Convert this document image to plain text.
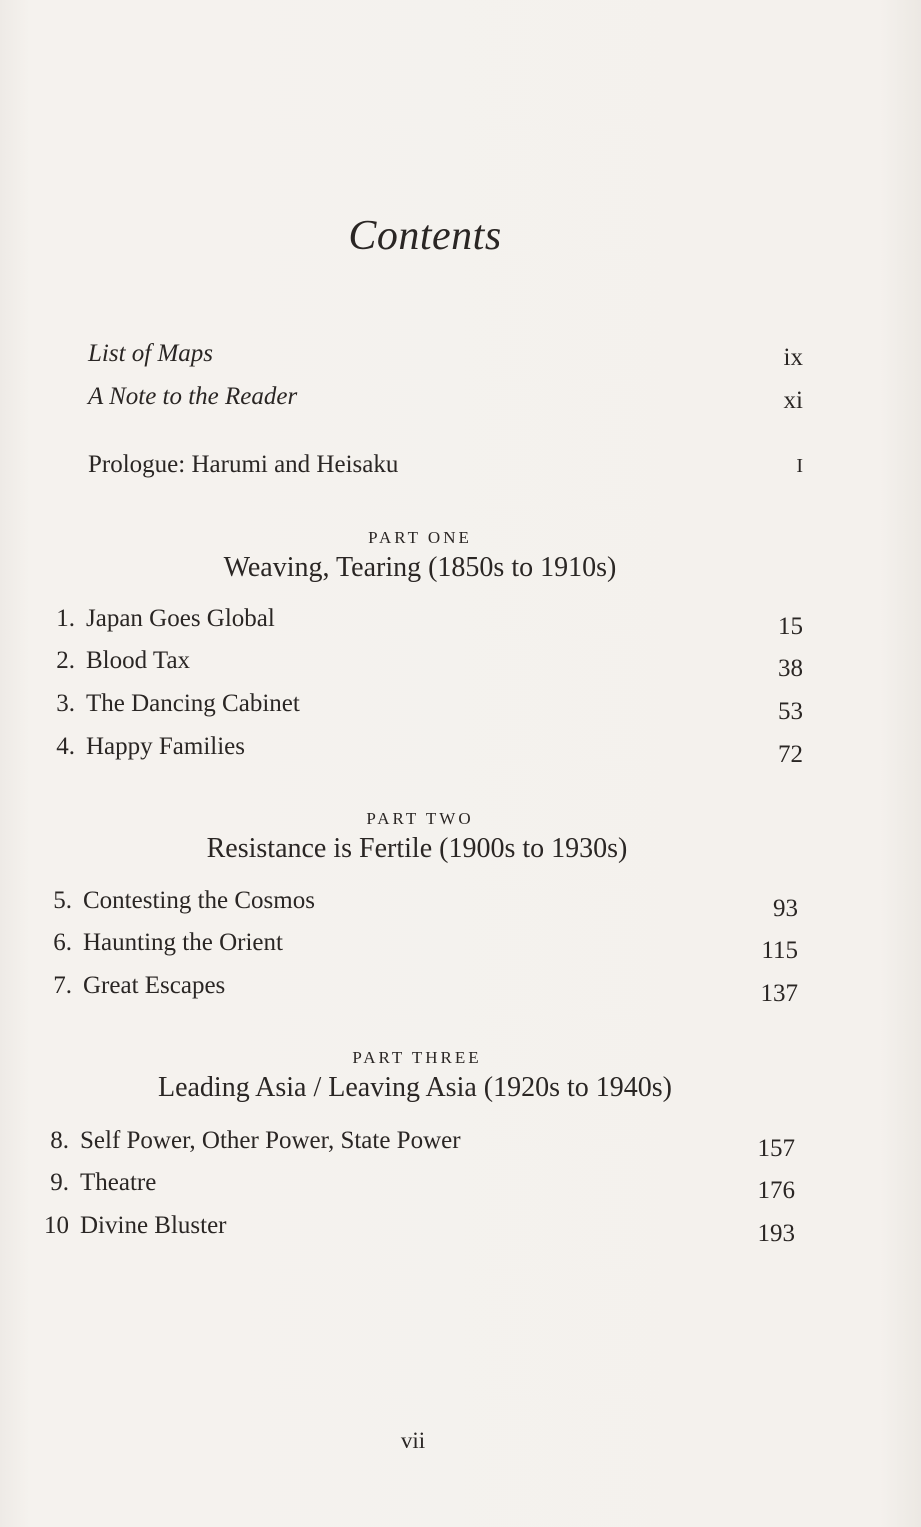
Contents
List of Maps	ix
A Note to the Reader	xi
Prologue: Harumi and Heisaku	I
PART ONE
Weaving, Tearing (1850s to 1910s)
1. Japan Goes Global	15
2. Blood Tax	38
3. The Dancing Cabinet	53
4. Happy Families	72
PART TWO
Resistance is Fertile (1900s to 1930s)
5. Contesting the Cosmos	93
6. Haunting the Orient	115
7. Great Escapes	137
PART THREE
Leading Asia / Leaving Asia (1920s to 1940s)
8. Self Power, Other Power, State Power	157
9. Theatre	176
10 Divine Bluster	193
vii
